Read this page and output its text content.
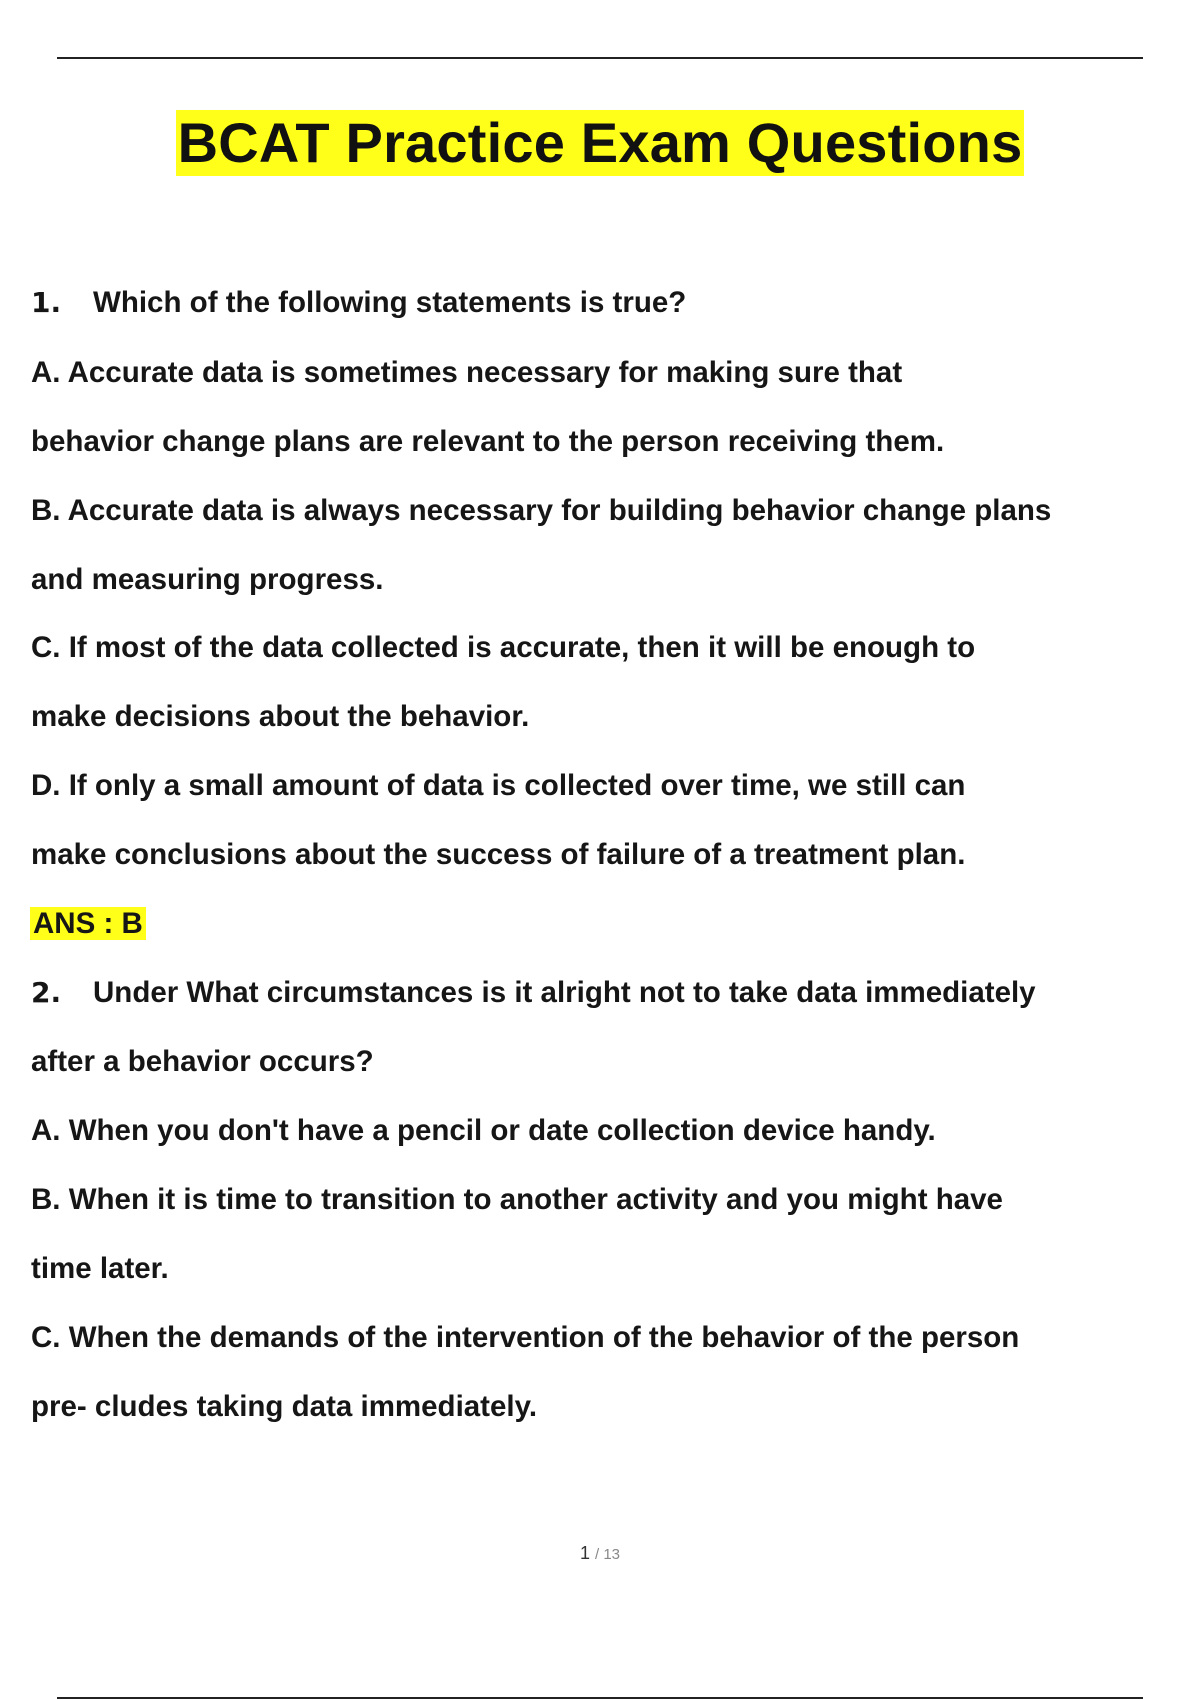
BCAT Practice Exam Questions
1. Which of the following statements is true?
A. Accurate data is sometimes necessary for making sure that
behavior change plans are relevant to the person receiving them.
B. Accurate data is always necessary for building behavior change plans
and measuring progress.
C. If most of the data collected is accurate, then it will be enough to
make decisions about the behavior.
D. If only a small amount of data is collected over time, we still can
make conclusions about the success of failure of a treatment plan.
ANS : B
2. Under What circumstances is it alright not to take data immediately
after a behavior occurs?
A. When you don't have a pencil or date collection device handy.
B. When it is time to transition to another activity and you might have
time later.
C. When the demands of the intervention of the behavior of the person
pre- cludes taking data immediately.
1 / 13
